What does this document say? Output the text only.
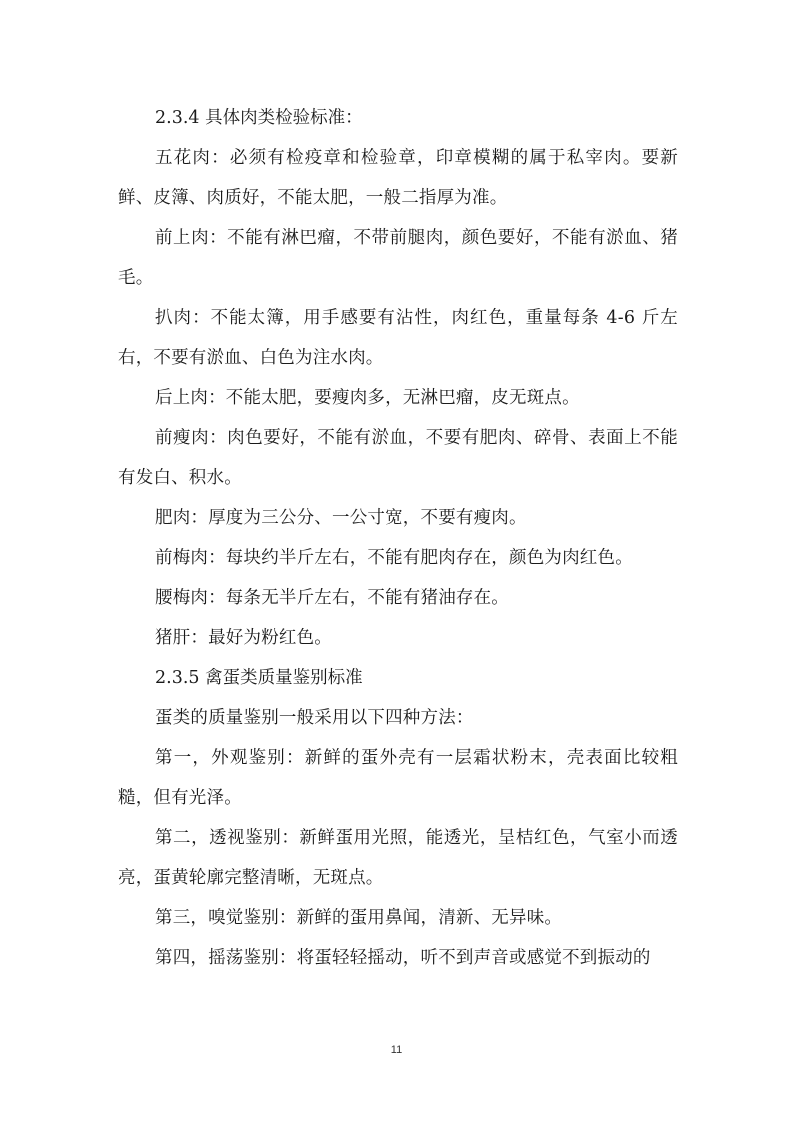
2.3.4 具体肉类检验标准：

五花肉：必须有检疫章和检验章，印章模糊的属于私宰肉。要新鲜、皮簿、肉质好，不能太肥，一般二指厚为准。

前上肉：不能有淋巴瘤，不带前腿肉，颜色要好，不能有淤血、猪毛。

扒肉：不能太簿，用手感要有沾性，肉红色，重量每条 4-6 斤左右，不要有淤血、白色为注水肉。

后上肉：不能太肥，要瘦肉多，无淋巴瘤，皮无斑点。

前瘦肉：肉色要好，不能有淤血，不要有肥肉、碎骨、表面上不能有发白、积水。

肥肉：厚度为三公分、一公寸宽，不要有瘦肉。

前梅肉：每块约半斤左右，不能有肥肉存在，颜色为肉红色。

腰梅肉：每条无半斤左右，不能有猪油存在。

猪肝：最好为粉红色。

2.3.5 禽蛋类质量鉴别标准

蛋类的质量鉴别一般采用以下四种方法：

第一，外观鉴别：新鲜的蛋外壳有一层霜状粉末，壳表面比较粗糙，但有光泽。

第二，透视鉴别：新鲜蛋用光照，能透光，呈桔红色，气室小而透亮，蛋黄轮廓完整清晰，无斑点。

第三，嗅觉鉴别：新鲜的蛋用鼻闻，清新、无异味。

第四，摇荡鉴别：将蛋轻轻摇动，听不到声音或感觉不到振动的

11
